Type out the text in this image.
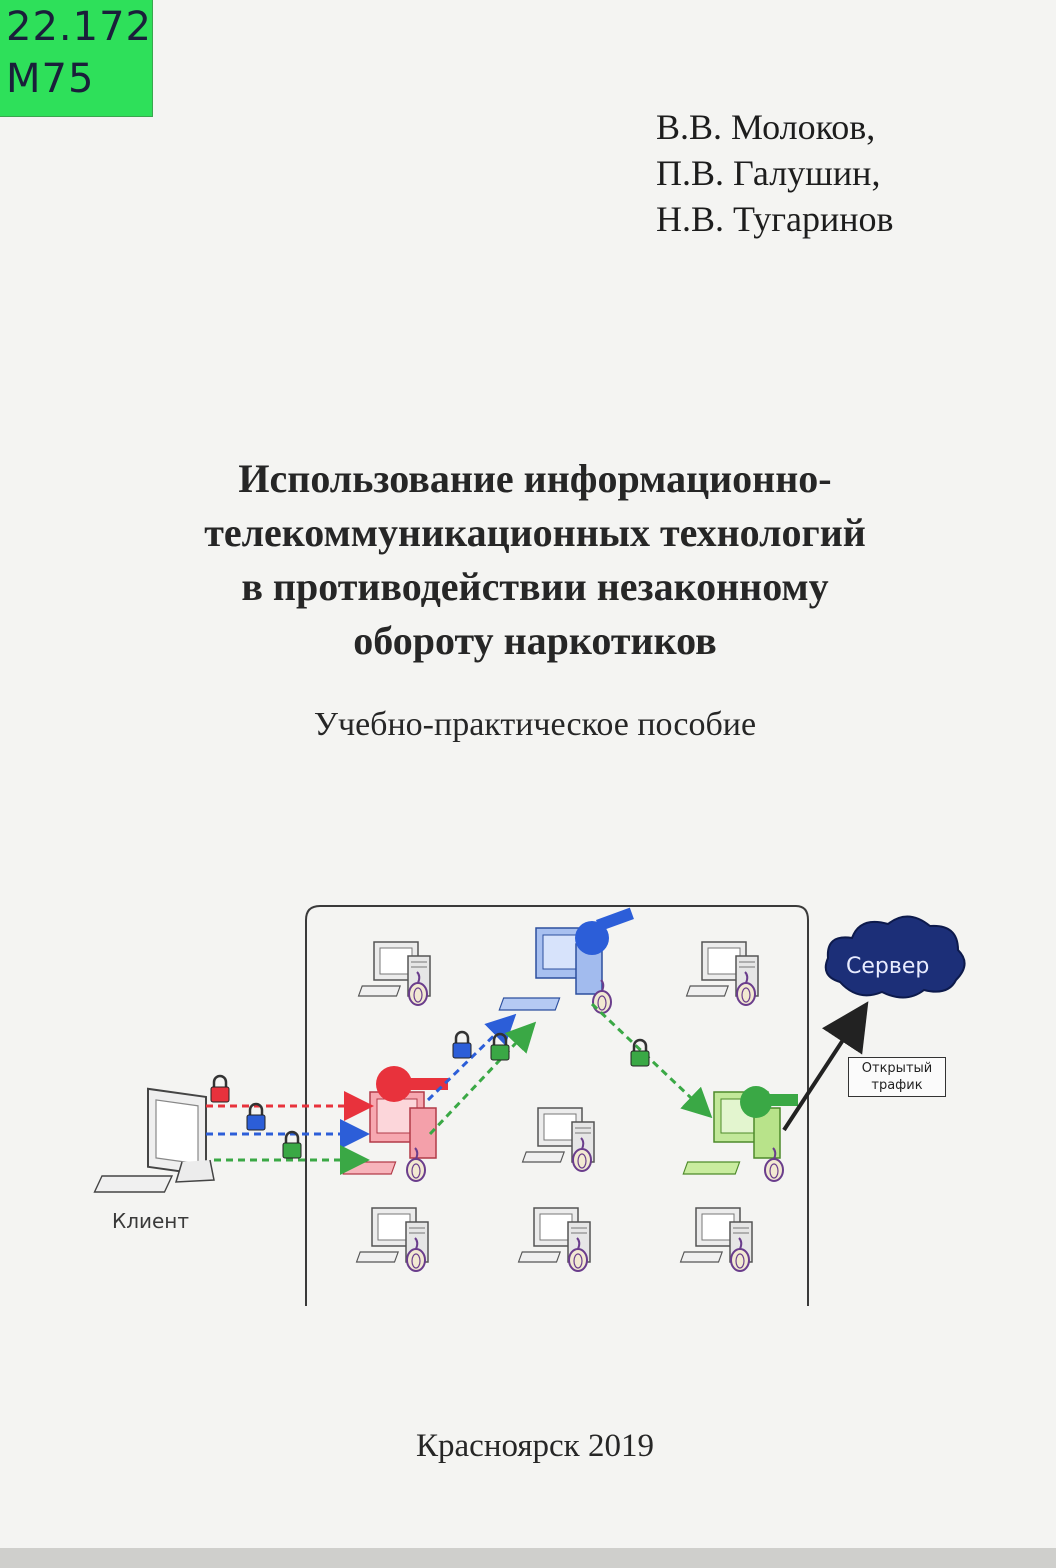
22.172
М75
В.В. Молоков,
П.В. Галушин,
Н.В. Тугаринов
Использование информационно-
телекоммуникационных технологий
в противодействии незаконному
обороту наркотиков
Учебно-практическое пособие
Клиент
Сервер
Открытый трафик
Красноярск 2019
